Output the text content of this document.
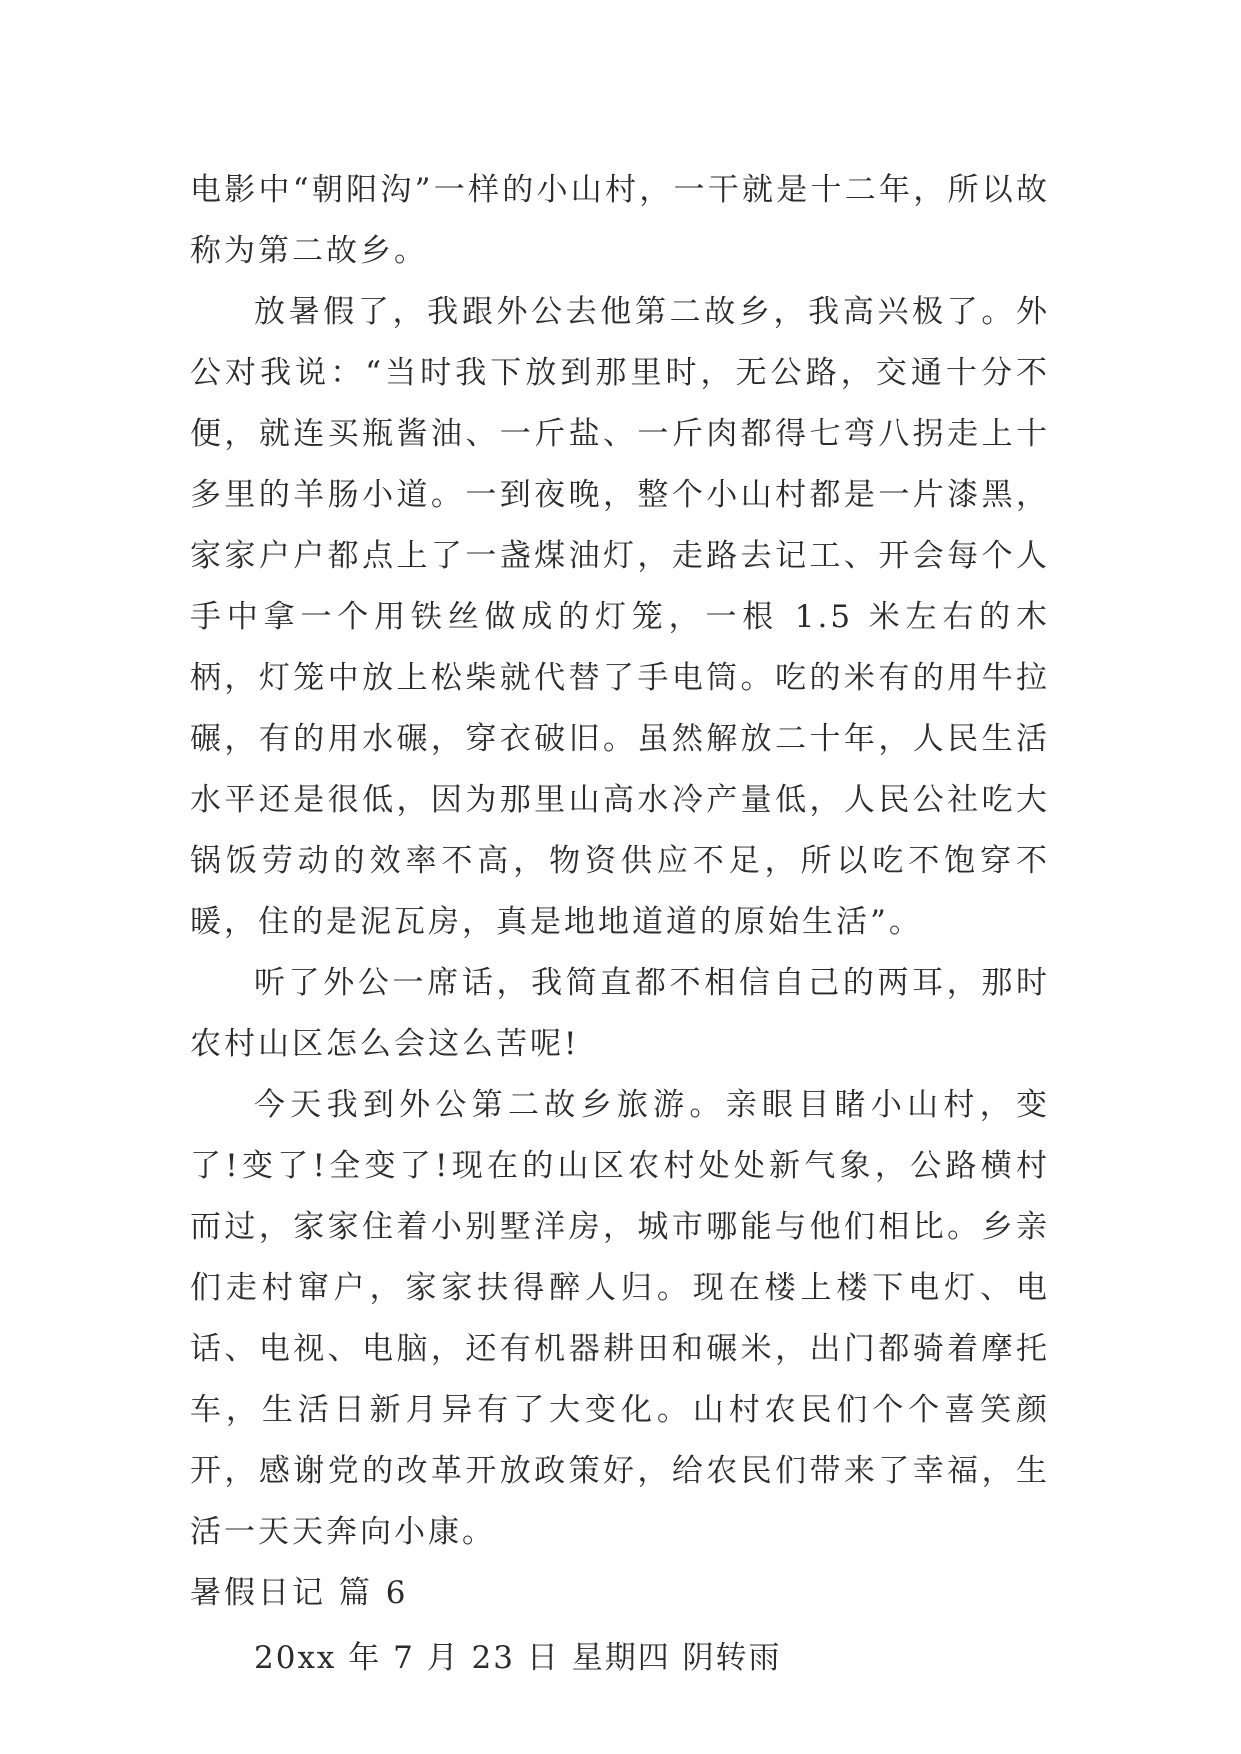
电影中“朝阳沟”一样的小山村，一干就是十二年，所以故称为第二故乡。

放暑假了，我跟外公去他第二故乡，我高兴极了。外公对我说：“当时我下放到那里时，无公路，交通十分不便，就连买瓶酱油、一斤盐、一斤肉都得七弯八拐走上十多里的羊肠小道。一到夜晚，整个小山村都是一片漆黑，家家户户都点上了一盏煤油灯，走路去记工、开会每个人手中拿一个用铁丝做成的灯笼，一根 1.5 米左右的木柄，灯笼中放上松柴就代替了手电筒。吃的米有的用牛拉碾，有的用水碾，穿衣破旧。虽然解放二十年，人民生活水平还是很低，因为那里山高水冷产量低，人民公社吃大锅饭劳动的效率不高，物资供应不足，所以吃不饱穿不暖，住的是泥瓦房，真是地地道道的原始生活”。

听了外公一席话，我简直都不相信自己的两耳，那时农村山区怎么会这么苦呢!

今天我到外公第二故乡旅游。亲眼目睹小山村，变了!变了!全变了!现在的山区农村处处新气象，公路横村而过，家家住着小别墅洋房，城市哪能与他们相比。乡亲们走村窜户，家家扶得醉人归。现在楼上楼下电灯、电话、电视、电脑，还有机器耕田和碾米，出门都骑着摩托车，生活日新月异有了大变化。山村农民们个个喜笑颜开，感谢党的改革开放政策好，给农民们带来了幸福，生活一天天奔向小康。

暑假日记 篇 6

20xx 年 7 月 23 日 星期四 阴转雨
